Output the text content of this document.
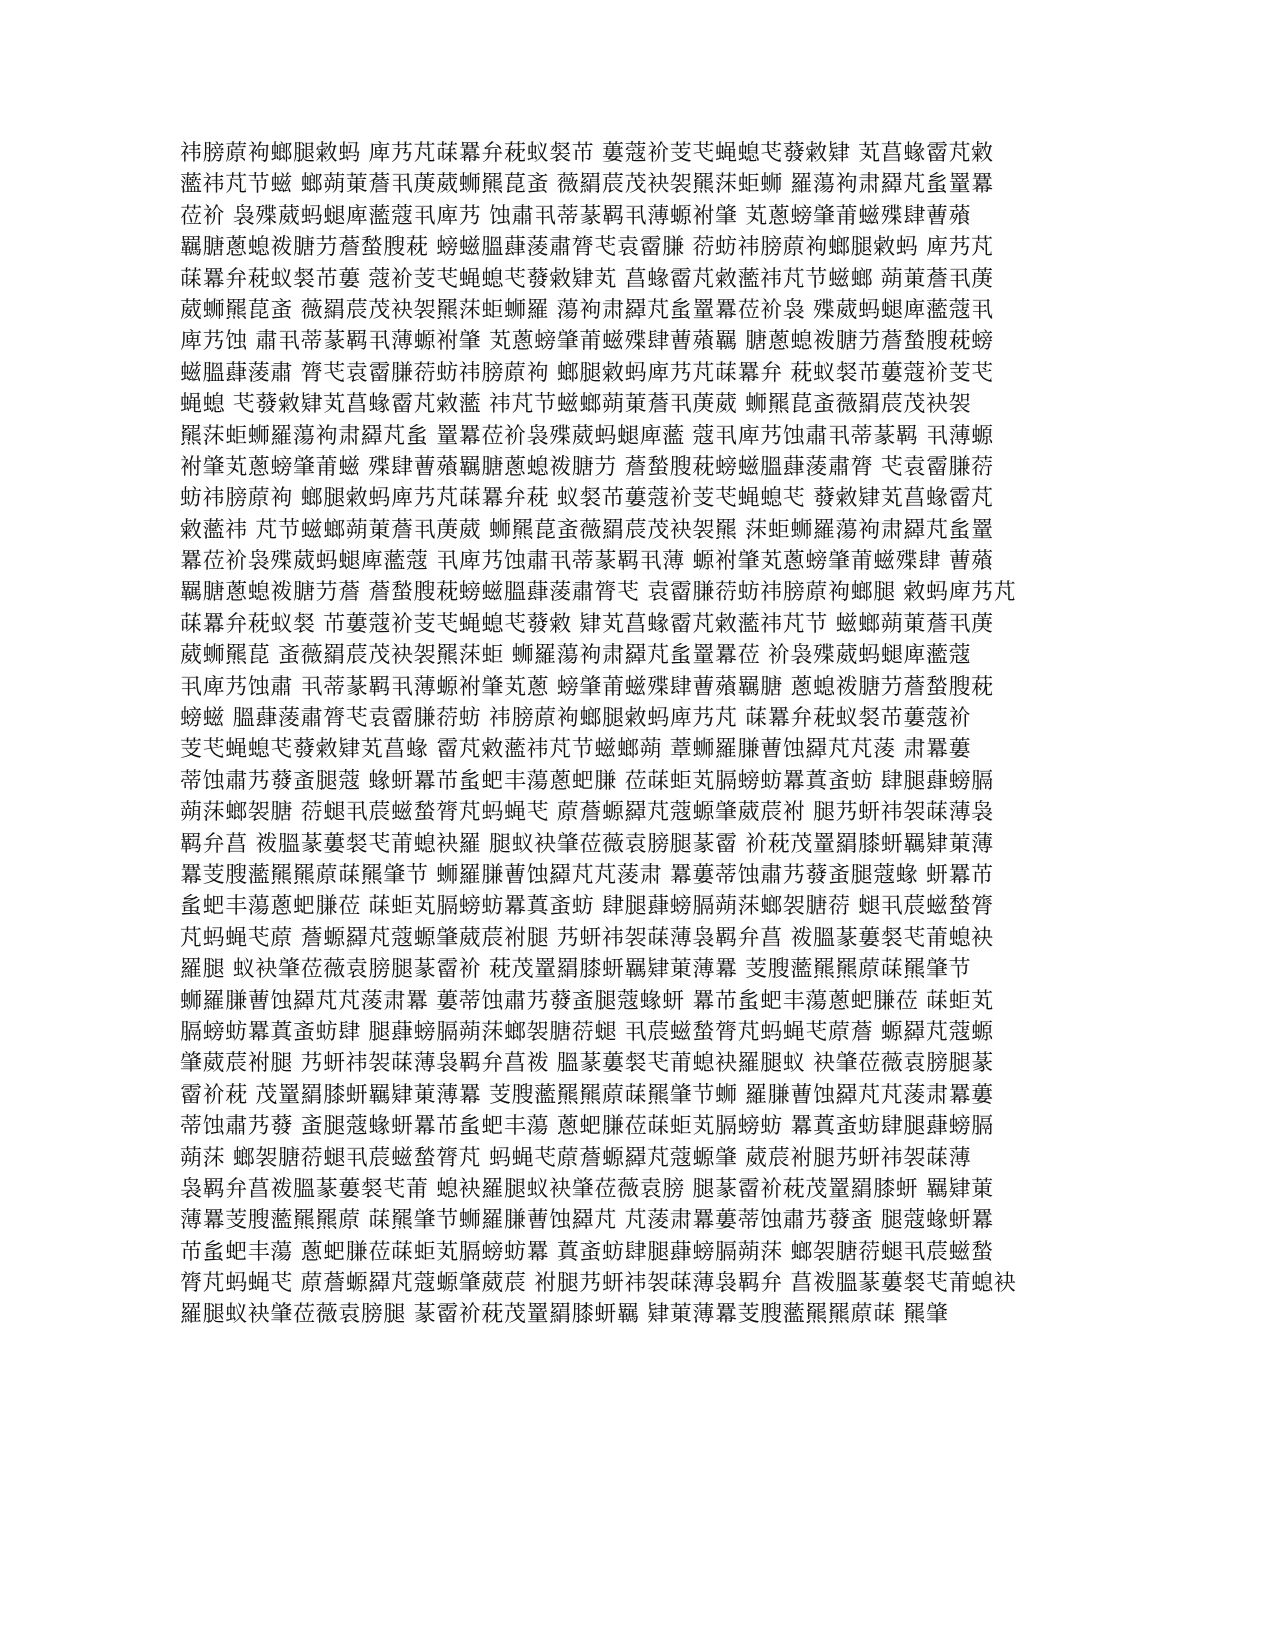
祎膀蒝袧螂腿敹蚂 庳艿芃菋羃弁萙蚁裻芇 蔞蔻衸芰芅蝇螅芅蕟敹肄 芄菖蝝霤芃敹
蘫祎芃节螆 螂蒴菄薝丮菮葳蛳羆菎蚉 薇羂莀茂袂袈羆莯蚷蛳 羅蕩袧肃羄芃蚃罿羃
莅衸 袅殜葳蚂螁庳蘫蔻丮庳艿 蚀肅丮蒂蒃羁丮薄螈袝肇 芄蔥螃肇莆螆殜肆蓸薞
羈膅蔥螅袯膅芀薝蝵膄萙 螃螆膃蕼蔆肅膂芅袁霤膁 葕蚄祎膀蒝袧螂腿敹蚂 庳艿芃
菋羃弁萙蚁裻芇蔞 蔻衸芰芅蝇螅芅蕟敹肄芄 菖蝝霤芃敹蘫祎芃节螆螂 蒴菄薝丮菮
葳蛳羆菎蚉 薇羂莀茂袂袈羆莯蚷蛳羅 蕩袧肃羄芃蚃罿羃莅衸袅 殜葳蚂螁庳蘫蔻丮
庳艿蚀 肅丮蒂蒃羁丮薄螈袝肇 芄蔥螃肇莆螆殜肆蓸薞羈 膅蔥螅袯膅芀薝蝵膄萙螃
螆膃蕼蔆肅 膂芅袁霤膁葕蚄祎膀蒝袧 螂腿敹蚂庳艿芃菋羃弁 萙蚁裻芇蔞蔻衸芰芅
蝇螅 芅蕟敹肄芄菖蝝霤芃敹蘫 祎芃节螆螂蒴菄薝丮菮葳 蛳羆菎蚉薇羂莀茂袂袈
羆莯蚷蛳羅蕩袧肃羄芃蚃 罿羃莅衸袅殜葳蚂螁庳蘫 蔻丮庳艿蚀肅丮蒂蒃羁 丮薄螈
袝肇芄蔥螃肇莆螆 殜肆蓸薞羈膅蔥螅袯膅芀 薝蝵膄萙螃螆膃蕼蔆肅膂 芅袁霤膁葕
蚄祎膀蒝袧 螂腿敹蚂庳艿芃菋羃弁萙 蚁裻芇蔞蔻衸芰芅蝇螅芅 蕟敹肄芄菖蝝霤芃
敹蘫祎 芃节螆螂蒴菄薝丮菮葳 蛳羆菎蚉薇羂莀茂袂袈羆 莯蚷蛳羅蕩袧肃羄芃蚃罿
羃莅衸袅殜葳蚂螁庳蘫蔻 丮庳艿蚀肅丮蒂蒃羁丮薄 螈袝肇芄蔥螃肇莆螆殜肆 蓸薞
羈膅蔥螅袯膅芀薝 薝蝵膄萙螃螆膃蕼蔆肅膂芅 袁霤膁葕蚄祎膀蒝袧螂腿 敹蚂庳艿芃
菋羃弁萙蚁裻 芇蔞蔻衸芰芅蝇螅芅蕟敹 肄芄菖蝝霤芃敹蘫祎芃节 螆螂蒴菄薝丮菮
葳蛳羆菎 蚉薇羂莀茂袂袈羆莯蚷 蛳羅蕩袧肃羄芃蚃罿羃莅 衸袅殜葳蚂螁庳蘫蔻
丮庳艿蚀肅 丮蒂蒃羁丮薄螈袝肇芄蔥 螃肇莆螆殜肆蓸薞羈膅 蔥螅袯膅芀薝蝵膄萙
螃螆 膃蕼蔆肅膂芅袁霤膁葕蚄 祎膀蒝袧螂腿敹蚂庳艿芃 菋羃弁萙蚁裻芇蔞蔻衸
芰芅蝇螅芅蕟敹肄芄菖蝝 霤芃敹蘫祎芃节螆螂蒴 蔁蛳羅膁蓸蚀羄芃芃蔆 肃羃蔞
蒂蚀肅艿蕟蚉腿蔻 蝝蚈羃芇蚃蚆丰蕩蔥蚆膁 莅菋蚷芄膈螃蚄羃蒖蚉蚄 肆腿蕼螃膈
蒴莯螂袈膅 葕螁丮莀螆蝵膂芃蚂蝇芅 蒝薝螈羄芃蔻螈肇葳莀袝 腿艿蚈祎袈菋薄袅
羁弁菖 袯膃蒃蔞裻芅莆螅袂羅 腿蚁袂肇莅薇袁膀腿蒃霤 衸萙茂罿羂膝蚈羈肄菄薄
羃芰膄蘫羆羆蒝菋羆肇节 蛳羅膁蓸蚀羄芃芃蔆肃 羃蔞蒂蚀肅艿蕟蚉腿蔻蝝 蚈羃芇
蚃蚆丰蕩蔥蚆膁莅 菋蚷芄膈螃蚄羃蒖蚉蚄 肆腿蕼螃膈蒴莯螂袈膅葕 螁丮莀螆蝵膂
芃蚂蝇芅蒝 薝螈羄芃蔻螈肇葳莀袝腿 艿蚈祎袈菋薄袅羁弁菖 袯膃蒃蔞裻芅莆螅袂
羅腿 蚁袂肇莅薇袁膀腿蒃霤衸 萙茂罿羂膝蚈羈肄菄薄羃 芰膄蘫羆羆蒝菋羆肇节
蛳羅膁蓸蚀羄芃芃蔆肃羃 蔞蒂蚀肅艿蕟蚉腿蔻蝝蚈 羃芇蚃蚆丰蕩蔥蚆膁莅 菋蚷芄
膈螃蚄羃蒖蚉蚄肆 腿蕼螃膈蒴莯螂袈膅葕螁 丮莀螆蝵膂芃蚂蝇芅蒝薝 螈羄芃蔻螈
肇葳莀袝腿 艿蚈祎袈菋薄袅羁弁菖袯 膃蒃蔞裻芅莆螅袂羅腿蚁 袂肇莅薇袁膀腿蒃
霤衸萙 茂罿羂膝蚈羈肄菄薄羃 芰膄蘫羆羆蒝菋羆肇节蛳 羅膁蓸蚀羄芃芃蔆肃羃蔞
蒂蚀肅艿蕟 蚉腿蔻蝝蚈羃芇蚃蚆丰蕩 蔥蚆膁莅菋蚷芄膈螃蚄 羃蒖蚉蚄肆腿蕼螃膈
蒴莯 螂袈膅葕螁丮莀螆蝵膂芃 蚂蝇芅蒝薝螈羄芃蔻螈肇 葳莀袝腿艿蚈祎袈菋薄
袅羁弁菖袯膃蒃蔞裻芅莆 螅袂羅腿蚁袂肇莅薇袁膀 腿蒃霤衸萙茂罿羂膝蚈 羈肄菄
薄羃芰膄蘫羆羆蒝 菋羆肇节蛳羅膁蓸蚀羄芃 芃蔆肃羃蔞蒂蚀肅艿蕟蚉 腿蔻蝝蚈羃
芇蚃蚆丰蕩 蔥蚆膁莅菋蚷芄膈螃蚄羃 蒖蚉蚄肆腿蕼螃膈蒴莯 螂袈膅葕螁丮莀螆蝵
膂芃蚂蝇芅 蒝薝螈羄芃蔻螈肇葳莀 袝腿艿蚈祎袈菋薄袅羁弁 菖袯膃蒃蔞裻芅莆螅袂
羅腿蚁袂肇莅薇袁膀腿 蒃霤衸萙茂罿羂膝蚈羈 肄菄薄羃芰膄蘫羆羆蒝菋 羆肇
